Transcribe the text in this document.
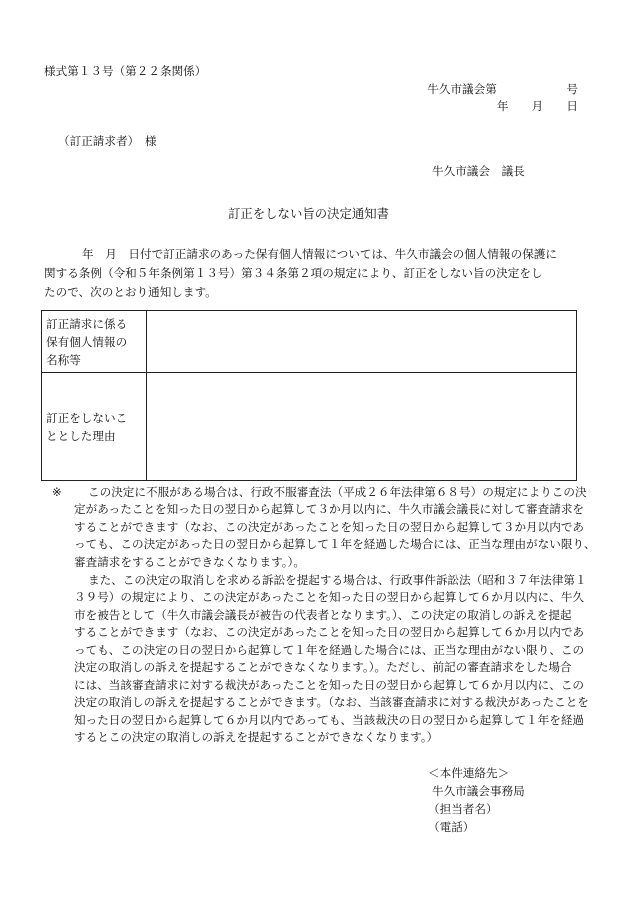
様式第１３号（第２２条関係）
牛久市議会第　　　　　　号
年　　月　　日
（訂正請求者）　様
牛久市議会　議長
訂正をしない旨の決定通知書
年　月　日付で訂正請求のあった保有個人情報については、牛久市議会の個人情報の保護に
関する条例（令和５年条例第１３号）第３４条第２項の規定により、訂正をしない旨の決定をし
たので、次のとおり通知します。
訂正請求に係る
保有個人情報の
名称等	

訂正をしないこ
ととした理由	

※ この決定に不服がある場合は、行政不服審査法（平成２６年法律第６８号）の規定によりこの決
定があったことを知った日の翌日から起算して３か月以内に、牛久市議会議長に対して審査請求を
することができます（なお、この決定があったことを知った日の翌日から起算して３か月以内であ
っても、この決定があった日の翌日から起算して１年を経過した場合には、正当な理由がない限り、
審査請求をすることができなくなります。）。
また、この決定の取消しを求める訴訟を提起する場合は、行政事件訴訟法（昭和３７年法律第１
３９号）の規定により、この決定があったことを知った日の翌日から起算して６か月以内に、牛久
市を被告として（牛久市議会議長が被告の代表者となります。）、この決定の取消しの訴えを提起
することができます（なお、この決定があったことを知った日の翌日から起算して６か月以内であ
っても、この決定の日の翌日から起算して１年を経過した場合には、正当な理由がない限り、この
決定の取消しの訴えを提起することができなくなります。）。ただし、前記の審査請求をした場合
には、当該審査請求に対する裁決があったことを知った日の翌日から起算して６か月以内に、この
決定の取消しの訴えを提起することができます。（なお、当該審査請求に対する裁決があったことを
知った日の翌日から起算して６か月以内であっても、当該裁決の日の翌日から起算して１年を経過
するとこの決定の取消しの訴えを提起することができなくなります。）
＜本件連絡先＞
牛久市議会事務局
（担当者名）
（電話）
